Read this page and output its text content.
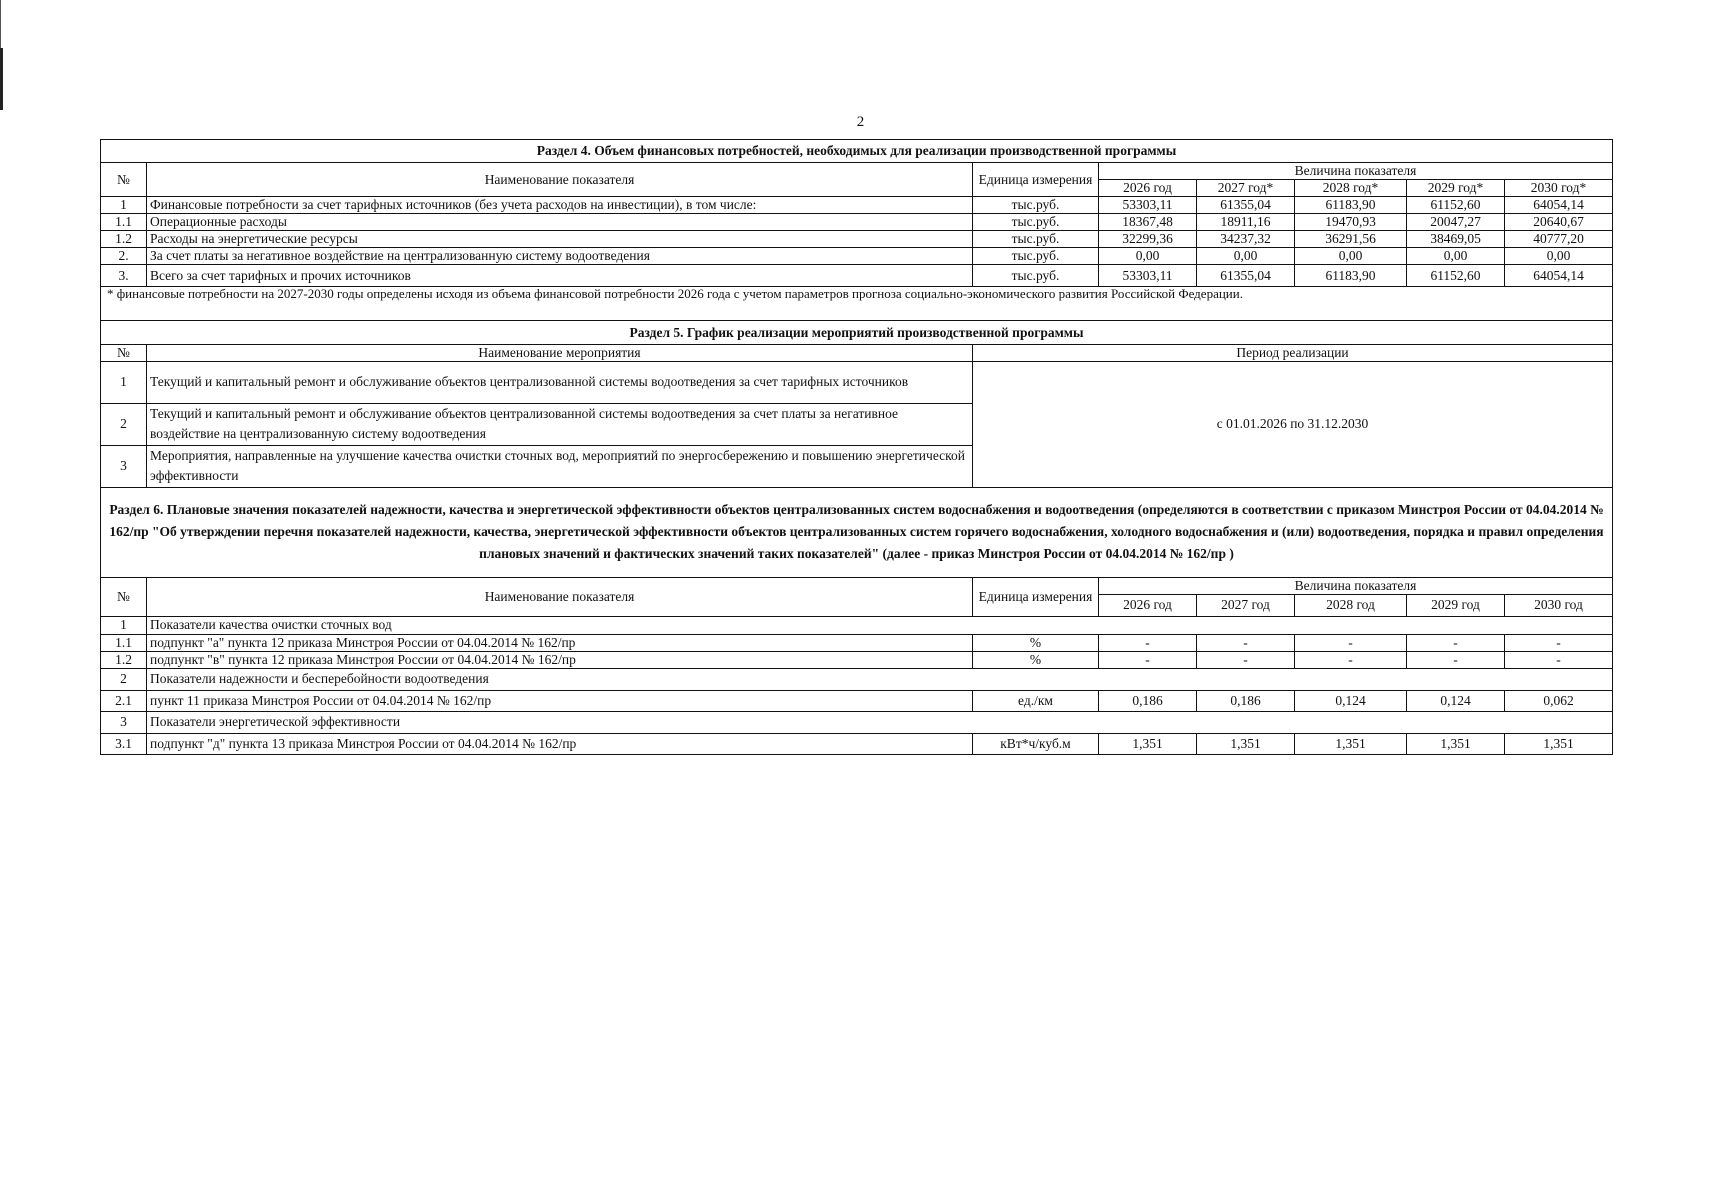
2
Раздел 4. Объем финансовых потребностей, необходимых для реализации производственной программы							
№	Наименование показателя	Единица измерения	Величина показателя				
			2026 год	2027 год*	2028 год*	2029 год*	2030 год*
1	Финансовые потребности за счет тарифных источников (без учета расходов на инвестиции), в том числе:	тыс.руб.	53303,11	61355,04	61183,90	61152,60	64054,14
1.1	Операционные расходы	тыс.руб.	18367,48	18911,16	19470,93	20047,27	20640,67
1.2	Расходы на энергетические ресурсы	тыс.руб.	32299,36	34237,32	36291,56	38469,05	40777,20
2.	За счет платы за негативное воздействие на централизованную систему водоотведения	тыс.руб.	0,00	0,00	0,00	0,00	0,00
3.	Всего за счет тарифных и прочих источников	тыс.руб.	53303,11	61355,04	61183,90	61152,60	64054,14
* финансовые потребности на 2027-2030 годы определены исходя из объема финансовой потребности 2026 года с учетом параметров прогноза социально-экономического развития Российской Федерации.							
Раздел 5. График реализации мероприятий производственной программы							
№	Наименование мероприятия	Период реализации					
1	Текущий и капитальный ремонт и обслуживание объектов централизованной системы водоотведения за счет тарифных источников	с 01.01.2026 по 31.12.2030					
2	Текущий и капитальный ремонт и обслуживание объектов централизованной системы водоотведения за счет платы за негативное воздействие на централизованную систему водоотведения						
3	Мероприятия, направленные на улучшение качества очистки сточных вод, мероприятий по энергосбережению и повышению энергетической эффективности						
Раздел 6. Плановые значения показателей надежности, качества и энергетической эффективности объектов централизованных систем водоснабжения и водоотведения (определяются в соответствии с приказом Минстроя России от 04.04.2014 № 162/пр "Об утверждении перечня показателей надежности, качества, энергетической эффективности объектов централизованных систем горячего водоснабжения, холодного водоснабжения и (или) водоотведения, порядка и правил определения плановых значений и фактических значений таких показателей" (далее - приказ Минстроя России от 04.04.2014 № 162/пр )							
№	Наименование показателя	Единица измерения	Величина показателя				
			2026 год	2027 год	2028 год	2029 год	2030 год
1	Показатели качества очистки сточных вод						
1.1	подпункт "а" пункта 12 приказа Минстроя России от 04.04.2014 № 162/пр	%	-	-	-	-	-
1.2	подпункт "в" пункта 12 приказа Минстроя России от 04.04.2014 № 162/пр	%	-	-	-	-	-
2	Показатели надежности и бесперебойности водоотведения						
2.1	пункт 11 приказа Минстроя России от 04.04.2014 № 162/пр	ед./км	0,186	0,186	0,124	0,124	0,062
3	Показатели энергетической эффективности						
3.1	подпункт "д" пункта 13 приказа Минстроя России от 04.04.2014 № 162/пр	кВт*ч/куб.м	1,351	1,351	1,351	1,351	1,351
